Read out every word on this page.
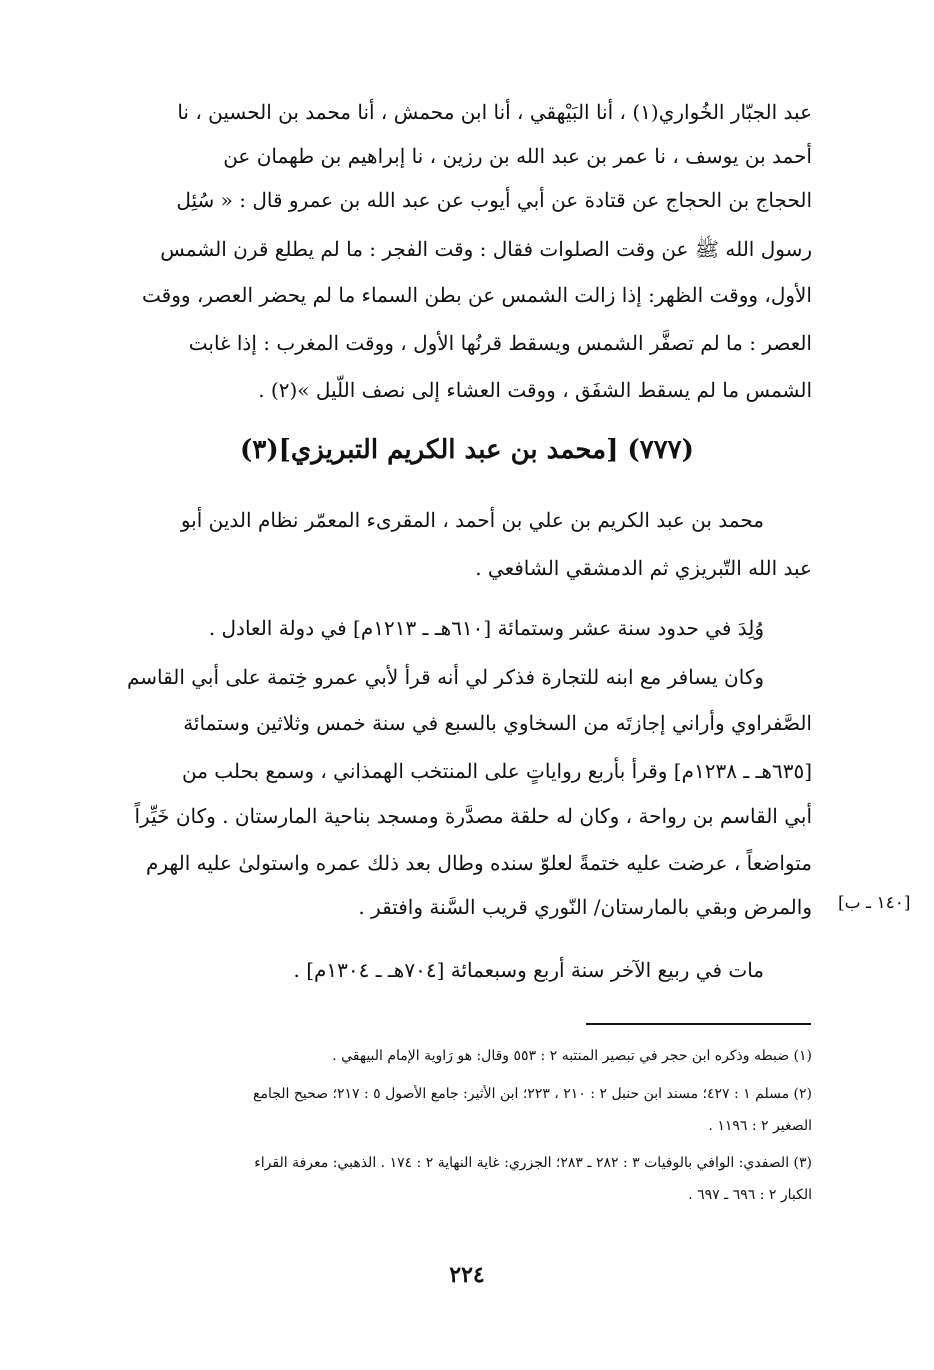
عبد الجبّار الخُواري(١) ، أنا البَيْهقي ، أنا ابن محمش ، أنا محمد بن الحسين ، نا
أحمد بن يوسف ، نا عمر بن عبد الله بن رزين ، نا إبراهيم بن طهمان عن
الحجاج بن الحجاج عن قتادة عن أبي أيوب عن عبد الله بن عمرو قال : « سُئِل
رسول الله ﷺ عن وقت الصلوات فقال : وقت الفجر : ما لم يطلع قرن الشمس
الأول، ووقت الظهر: إذا زالت الشمس عن بطن السماء ما لم يحضر العصر، ووقت
العصر : ما لم تصفَّر الشمس ويسقط قرنُها الأول ، ووقت المغرب : إذا غابت
الشمس ما لم يسقط الشفَق ، ووقت العشاء إلى نصف اللّيل »(٢) .
(٧٧٧) [محمد بن عبد الكريم التبريزي](٣)
محمد بن عبد الكريم بن علي بن أحمد ، المقرىء المعمّر نظام الدين أبو
عبد الله التّبريزي ثم الدمشقي الشافعي .
وُلِدَ في حدود سنة عشر وستمائة [٦١٠هـ ـ ١٢١٣م] في دولة العادل .
وكان يسافر مع ابنه للتجارة فذكر لي أنه قرأ لأبي عمرو خِتمة على أبي القاسم
الصَّفراوي وأراني إجازتَه من السخاوي بالسبع في سنة خمس وثلاثين وستمائة
[٦٣٥هـ ـ ١٢٣٨م] وقرأ بأربع رواياتٍ على المنتخب الهمذاني ، وسمع بحلب من
أبي القاسم بن رواحة ، وكان له حلقة مصدَّرة ومسجد بناحية المارستان . وكان خَيِّراً
متواضعاً ، عرضت عليه ختمةً لعلوّ سنده وطال بعد ذلك عمره واستولىٰ عليه الهرم
والمرض وبقي بالمارستان/ النّوري قريب السَّنة وافتقر . [١٤٠ ـ ب]
مات في ربيع الآخر سنة أربع وسبعمائة [٧٠٤هـ ـ ١٣٠٤م] .
(١) ضبطه وذكره ابن حجر في تبصير المنتبه ٢ : ٥٥٣ وقال: هو رَاوية الإمام البيهقي .
(٢) مسلم ١ : ٤٢٧؛ مسند ابن حنبل ٢ : ٢١٠ ، ٢٢٣؛ ابن الأثير: جامع الأصول ٥ : ٢١٧؛ صحيح الجامع
الصغير ٢ : ١١٩٦ .
(٣) الصفدي: الوافي بالوفيات ٣ : ٢٨٢ ـ ٢٨٣؛ الجزري: غاية النهاية ٢ : ١٧٤ . الذهبي: معرفة القراء
الكبار ٢ : ٦٩٦ ـ ٦٩٧ .
٢٢٤
